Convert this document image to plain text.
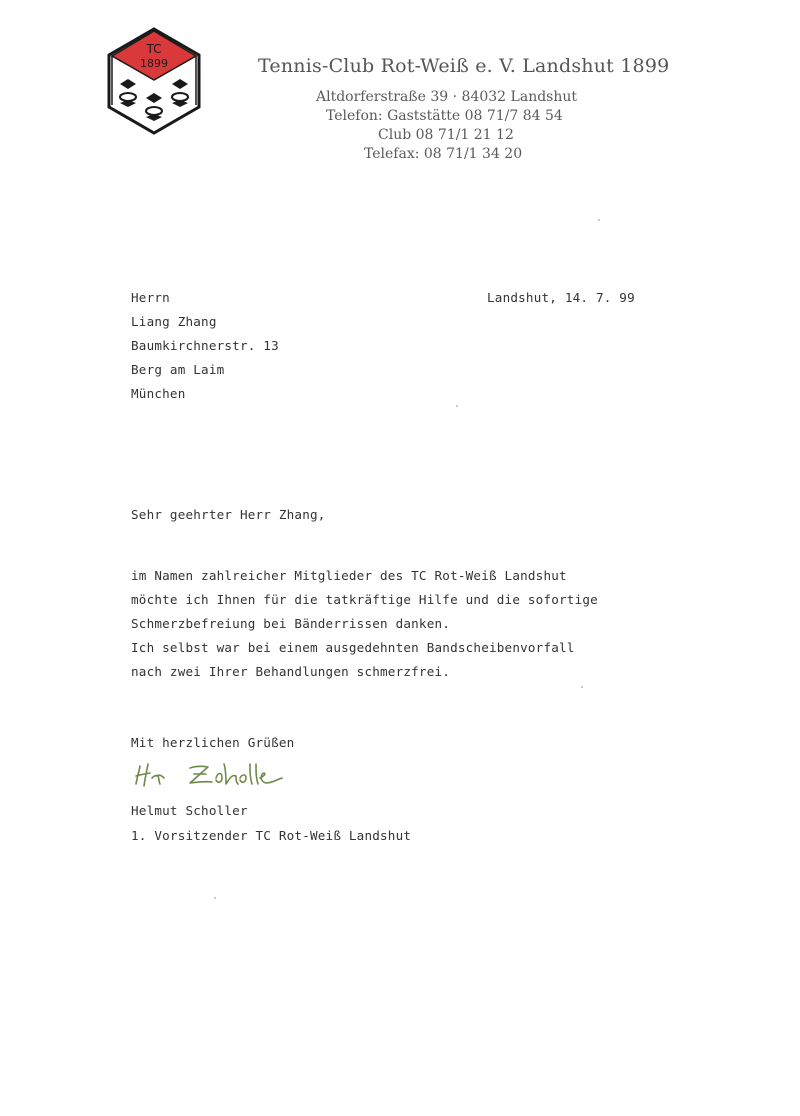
TC
1899	Tennis-Club Rot-Weiß e. V. Landshut 1899
Altdorferstraße 39 · 84032 Landshut
Telefon: Gaststätte 08 71/7 84 54
Club 08 71/1 21 12
Telefax: 08 71/1 34 20
Landshut, 14. 7. 99
Herrn
Liang Zhang
Baumkirchnerstr. 13
Berg am Laim
München
Sehr geehrter Herr Zhang,
im Namen zahlreicher Mitglieder des TC Rot-Weiß Landshut
möchte ich Ihnen für die tatkräftige Hilfe und die sofortige
Schmerzbefreiung bei Bänderrissen danken.
Ich selbst war bei einem ausgedehnten Bandscheibenvorfall
nach zwei Ihrer Behandlungen schmerzfrei.
Mit herzlichen Grüßen
Helmut Scholler
1. Vorsitzender TC Rot-Weiß Landshut
